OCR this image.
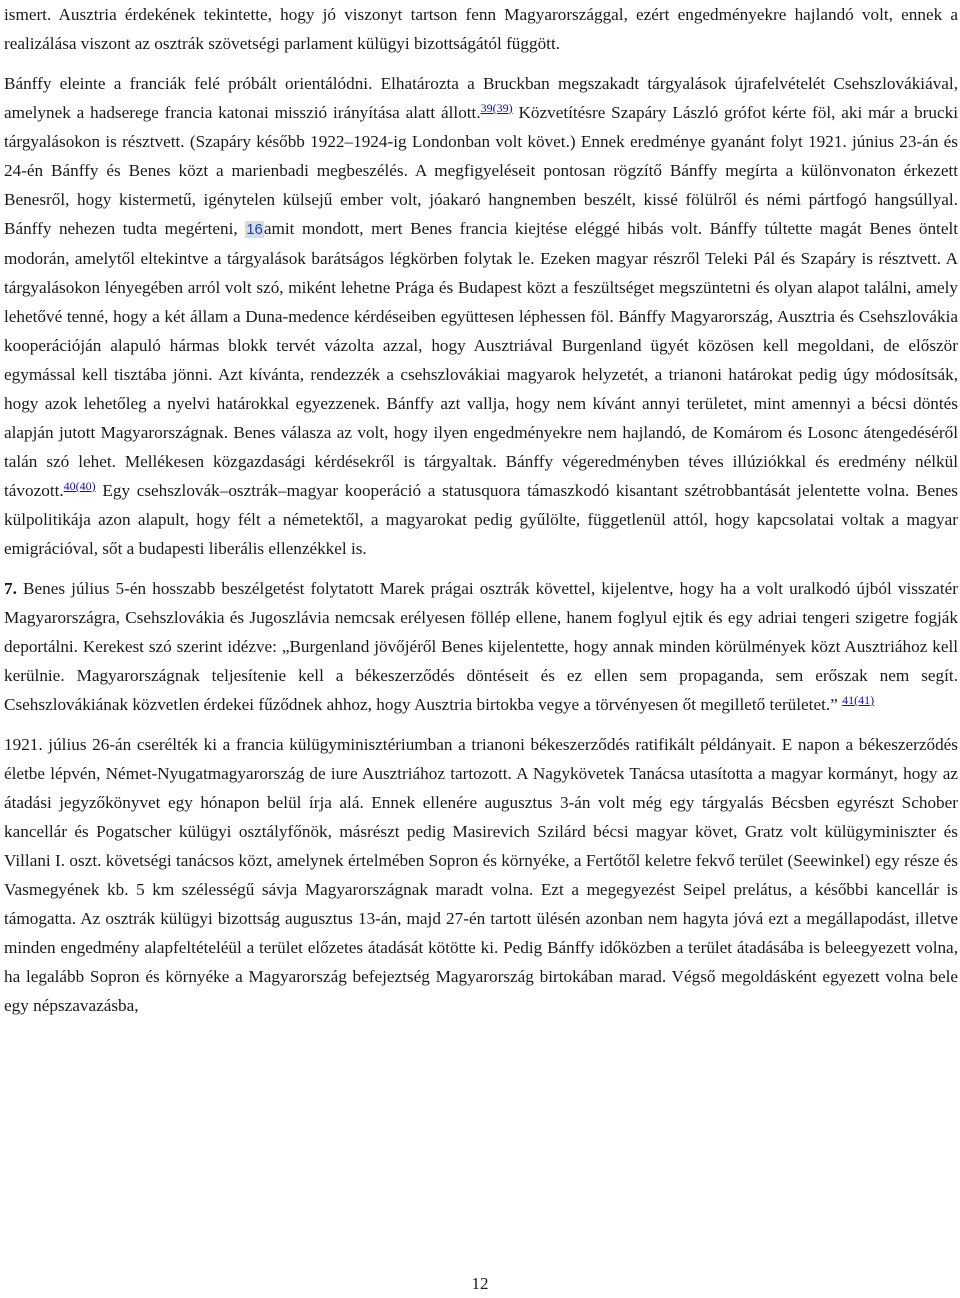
ismert. Ausztria érdekének tekintette, hogy jó viszonyt tartson fenn Magyarországgal, ezért engedményekre hajlandó volt, ennek a realizálása viszont az osztrák szövetségi parlament külügyi bizottságától függött.

Bánffy eleinte a franciák felé próbált orientálódni. Elhatározta a Bruckban megszakadt tárgyalások újrafelvételét Csehszlovákiával, amelynek a hadserege francia katonai misszió irányítása alatt állott.$^{39(39)}$ Közvetítésre Szapáry László grófot kérte föl, aki már a brucki tárgyalásokon is résztvett. (Szapáry később 1922–1924-ig Londonban volt követ.) Ennek eredménye gyanánt folyt 1921. június 23-án és 24-én Bánffy és Benes közt a marienbadi megbeszélés. A megfigyeléseit pontosan rögzítő Bánffy megírta a különvonaton érkezett Benesről, hogy kistermetű, igénytelen külsejű ember volt, jóakaró hangnemben beszélt, kissé fölülről és némi pártfogó hangsúllyal. Bánffy nehezen tudta megérteni, 16amit mondott, mert Benes francia kiejtése eléggé hibás volt. Bánffy túltette magát Benes öntelt modorán, amelytől eltekintve a tárgyalások barátságos légkörben folytak le. Ezeken magyar részről Teleki Pál és Szapáry is résztvett. A tárgyalásokon lényegében arról volt szó, miként lehetne Prága és Budapest közt a feszültséget megszüntetni és olyan alapot találni, amely lehetővé tenné, hogy a két állam a Duna-medence kérdéseiben együttesen léphessen föl. Bánffy Magyarország, Ausztria és Csehszlovákia kooperációján alapuló hármas blokk tervét vázolta azzal, hogy Ausztriával Burgenland ügyét közösen kell megoldani, de először egymással kell tisztába jönni. Azt kívánta, rendezzék a csehszlovákiai magyarok helyzetét, a trianoni határokat pedig úgy módosítsák, hogy azok lehetőleg a nyelvi határokkal egyezzenek. Bánffy azt vallja, hogy nem kívánt annyi területet, mint amennyi a bécsi döntés alapján jutott Magyarországnak. Benes válasza az volt, hogy ilyen engedményekre nem hajlandó, de Komárom és Losonc átengedéséről talán szó lehet. Mellékesen közgazdasági kérdésekről is tárgyaltak. Bánffy végeredményben téves illúziókkal és eredmény nélkül távozott.$^{40(40)}$ Egy csehszlovák–osztrák–magyar kooperáció a statusquora támaszkodó kisantant szétrobbantását jelentette volna. Benes külpolitikája azon alapult, hogy félt a németektől, a magyarokat pedig gyűlölte, függetlenül attól, hogy kapcsolatai voltak a magyar emigrációval, sőt a budapesti liberális ellenzékkel is.

7. Benes július 5-én hosszabb beszélgetést folytatott Marek prágai osztrák követtel, kijelentve, hogy ha a volt uralkodó újból visszatér Magyarországra, Csehszlovákia és Jugoszlávia nemcsak erélyesen föllép ellene, hanem foglyul ejtik és egy adriai tengeri szigetre fogják deportálni. Kerekest szó szerint idézve: „Burgenland jövőjéről Benes kijelentette, hogy annak minden körülmények közt Ausztriához kell kerülnie. Magyarországnak teljesítenie kell a békeszerződés döntéseit és ez ellen sem propaganda, sem erőszak nem segít. Csehszlovákiának közvetlen érdekei fűződnek ahhoz, hogy Ausztria birtokba vegye a törvényesen őt megillető területet.” $^{41(41)}$

1921. július 26-án cserélték ki a francia külügyminisztériumban a trianoni békeszerződés ratifikált példányait. E napon a békeszerződés életbe lépvén, Német-Nyugatmagyarország de iure Ausztriához tartozott. A Nagykövetek Tanácsa utasította a magyar kormányt, hogy az átadási jegyzőkönyvet egy hónapon belül írja alá. Ennek ellenére augusztus 3-án volt még egy tárgyalás Bécsben egyrészt Schober kancellár és Pogatscher külügyi osztályfőnök, másrészt pedig Masirevich Szilárd bécsi magyar követ, Gratz volt külügyminiszter és Villani I. oszt. követségi tanácsos közt, amelynek értelmében Sopron és környéke, a Fertőtől keletre fekvő terület (Seewinkel) egy része és Vasmegyének kb. 5 km szélességű sávja Magyarországnak maradt volna. Ezt a megegyezést Seipel prelátus, a későbbi kancellár is támogatta. Az osztrák külügyi bizottság augusztus 13-án, majd 27-én tartott ülésén azonban nem hagyta jóvá ezt a megállapodást, illetve minden engedmény alapfeltételéül a terület előzetes átadását kötötte ki. Pedig Bánffy időközben a terület átadásába is beleegyezett volna, ha legalább Sopron és környéke a Magyarország befejeztség Magyarország birtokában marad. Végső megoldásként egyezett volna bele egy népszavazásba,

12
